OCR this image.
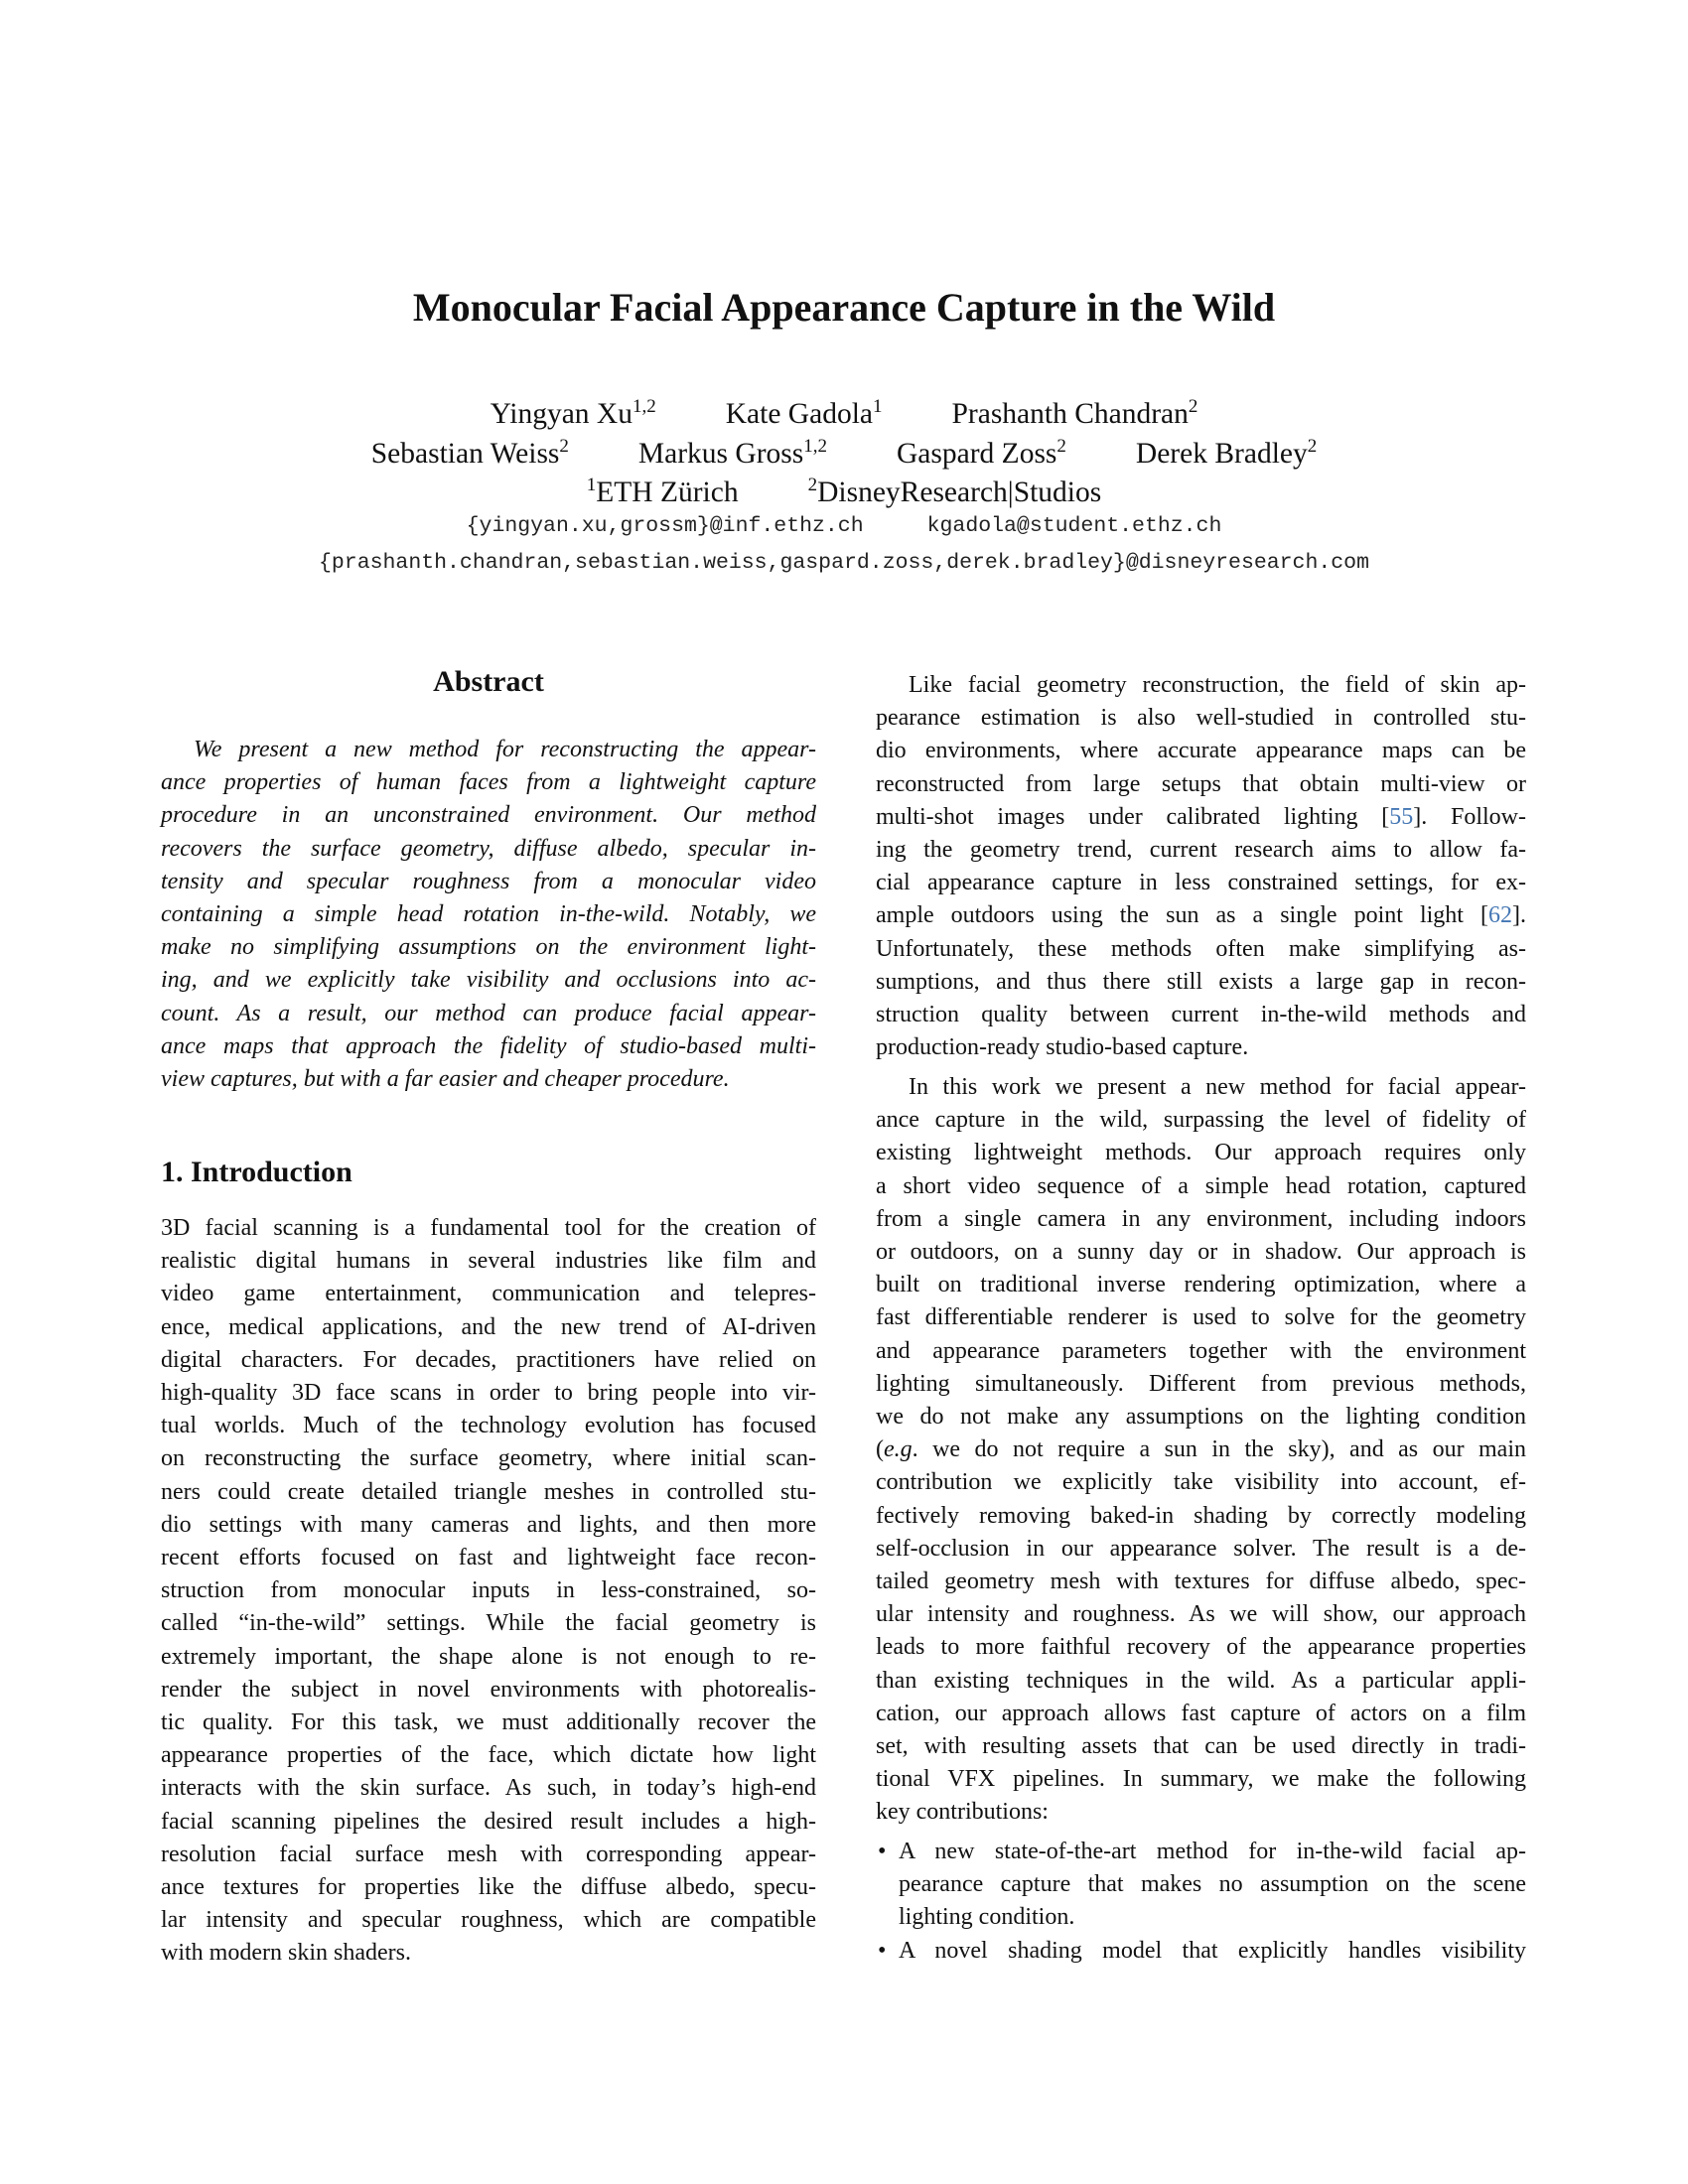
Monocular Facial Appearance Capture in the Wild
Yingyan Xu$^{1,2}$ Kate Gadola$^1$ Prashanth Chandran$^2$
Sebastian Weiss$^2$ Markus Gross$^{1,2}$ Gaspard Zoss$^2$ Derek Bradley$^2$
$^1$ETH Zürich	$^2$DisneyResearch|Studios
{yingyan.xu,grossm}@inf.ethz.ch	kgadola@student.ethz.ch
{prashanth.chandran,sebastian.weiss,gaspard.zoss,derek.bradley}@disneyresearch.com
Abstract
We present a new method for reconstructing the appear-
ance properties of human faces from a lightweight capture
procedure in an unconstrained environment. Our method
recovers the surface geometry, diffuse albedo, specular in-
tensity and specular roughness from a monocular video
containing a simple head rotation in-the-wild. Notably, we
make no simplifying assumptions on the environment light-
ing, and we explicitly take visibility and occlusions into ac-
count. As a result, our method can produce facial appear-
ance maps that approach the fidelity of studio-based multi-
view captures, but with a far easier and cheaper procedure.
1. Introduction
3D facial scanning is a fundamental tool for the creation of
realistic digital humans in several industries like film and
video game entertainment, communication and telepres-
ence, medical applications, and the new trend of AI-driven
digital characters. For decades, practitioners have relied on
high-quality 3D face scans in order to bring people into vir-
tual worlds. Much of the technology evolution has focused
on reconstructing the surface geometry, where initial scan-
ners could create detailed triangle meshes in controlled stu-
dio settings with many cameras and lights, and then more
recent efforts focused on fast and lightweight face recon-
struction from monocular inputs in less-constrained, so-
called “in-the-wild” settings. While the facial geometry is
extremely important, the shape alone is not enough to re-
render the subject in novel environments with photorealis-
tic quality. For this task, we must additionally recover the
appearance properties of the face, which dictate how light
interacts with the skin surface. As such, in today’s high-end
facial scanning pipelines the desired result includes a high-
resolution facial surface mesh with corresponding appear-
ance textures for properties like the diffuse albedo, specu-
lar intensity and specular roughness, which are compatible
with modern skin shaders.
Like facial geometry reconstruction, the field of skin ap-
pearance estimation is also well-studied in controlled stu-
dio environments, where accurate appearance maps can be
reconstructed from large setups that obtain multi-view or
multi-shot images under calibrated lighting [55]. Follow-
ing the geometry trend, current research aims to allow fa-
cial appearance capture in less constrained settings, for ex-
ample outdoors using the sun as a single point light [62].
Unfortunately, these methods often make simplifying as-
sumptions, and thus there still exists a large gap in recon-
struction quality between current in-the-wild methods and
production-ready studio-based capture.
In this work we present a new method for facial appear-
ance capture in the wild, surpassing the level of fidelity of
existing lightweight methods. Our approach requires only
a short video sequence of a simple head rotation, captured
from a single camera in any environment, including indoors
or outdoors, on a sunny day or in shadow. Our approach is
built on traditional inverse rendering optimization, where a
fast differentiable renderer is used to solve for the geometry
and appearance parameters together with the environment
lighting simultaneously. Different from previous methods,
we do not make any assumptions on the lighting condition
(e.g. we do not require a sun in the sky), and as our main
contribution we explicitly take visibility into account, ef-
fectively removing baked-in shading by correctly modeling
self-occlusion in our appearance solver. The result is a de-
tailed geometry mesh with textures for diffuse albedo, spec-
ular intensity and roughness. As we will show, our approach
leads to more faithful recovery of the appearance properties
than existing techniques in the wild. As a particular appli-
cation, our approach allows fast capture of actors on a film
set, with resulting assets that can be used directly in tradi-
tional VFX pipelines. In summary, we make the following
key contributions:
• A new state-of-the-art method for in-the-wild facial ap-
pearance capture that makes no assumption on the scene
lighting condition.
• A novel shading model that explicitly handles visibility
